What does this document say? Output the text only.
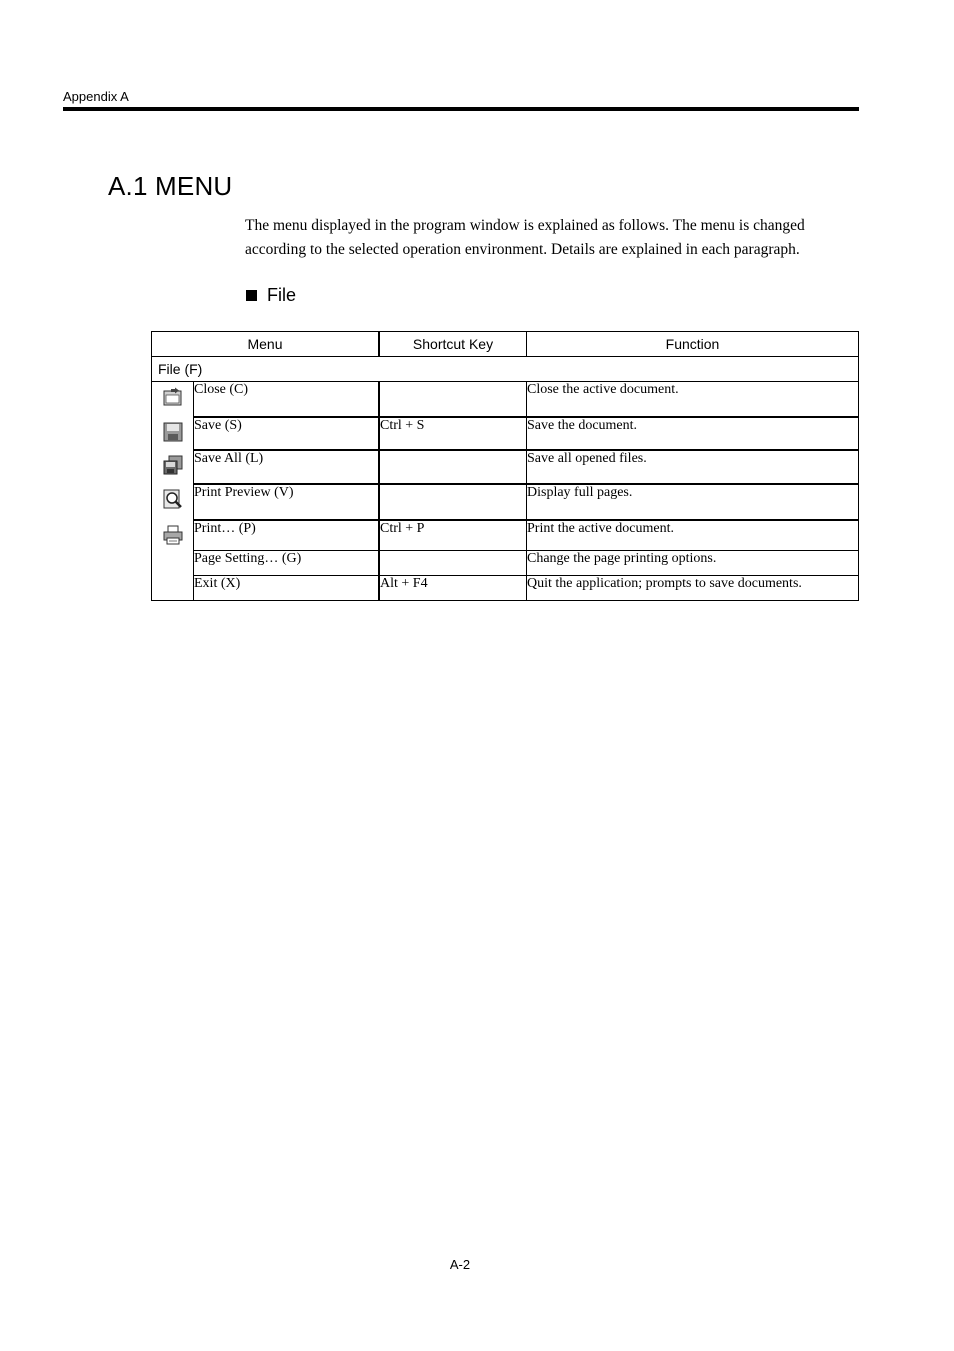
Appendix A
A.1 MENU
The menu displayed in the program window is explained as follows. The menu is changed according to the selected operation environment. Details are explained in each paragraph.
File
Menu		Shortcut Key	Function
File (F)			
	Close (C)		Close the active document.
	Save (S)	Ctrl + S	Save the document.
	Save All (L)		Save all opened files.
	Print Preview (V)		Display full pages.
	Print… (P)	Ctrl + P	Print the active document.
	Page Setting… (G)		Change the page printing options.
	Exit (X)	Alt + F4	Quit the application; prompts to save documents.
A-2
